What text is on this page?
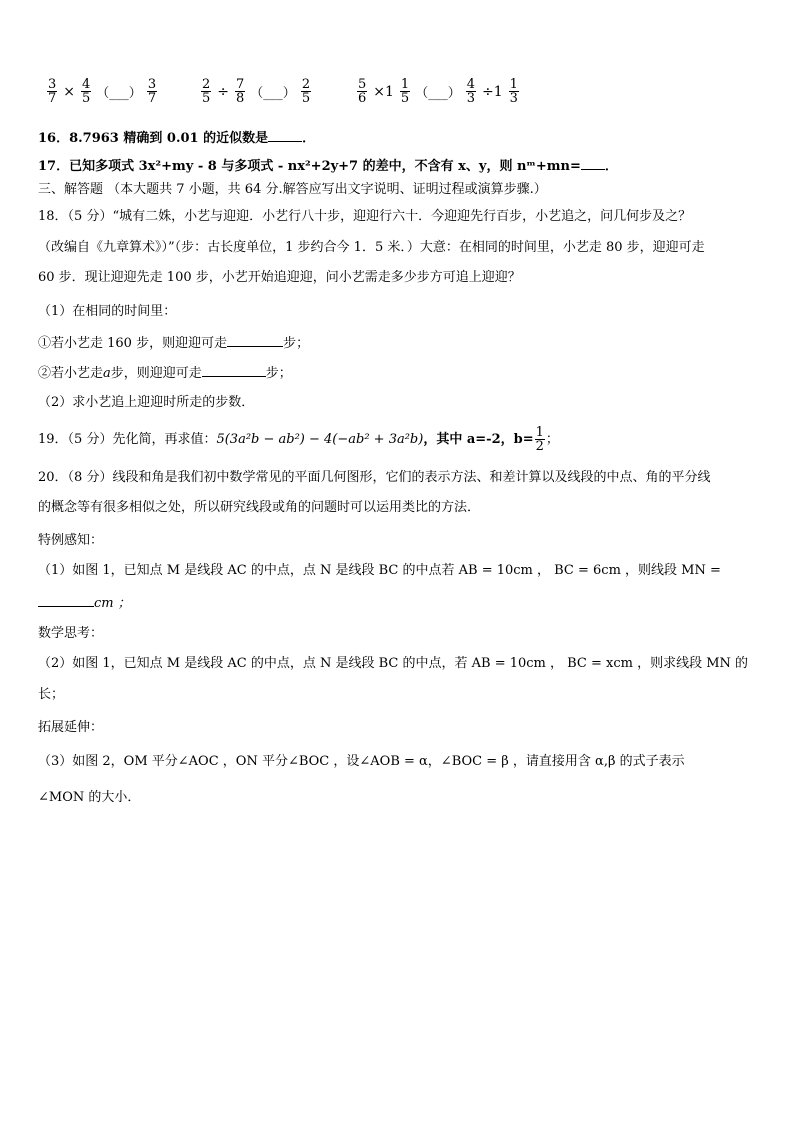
$\frac{3}{7} \times \frac{4}{5}$ （___） $\frac{3}{7}$	$\frac{2}{5} \div \frac{7}{8}$ （___） $\frac{2}{5}$	$\frac{5}{6} \times 1 \frac{1}{5}$ （___） $\frac{4}{3} \div 1 \frac{1}{3}$
16．8.7963 精确到 0.01 的近似数是	．
17．已知多项式 3x²+my - 8 与多项式 - nx²+2y+7 的差中，不含有 x、y，则 nᵐ+mn= ．
三、解答题 （本大题共 7 小题，共 64 分.解答应写出文字说明、证明过程或演算步骤.）
18．（5 分）“城有二姝，小艺与迎迎．小艺行八十步，迎迎行六十．今迎迎先行百步，小艺追之，问几何步及之？
（改编自《九章算术》）”（步：古长度单位，1 步约合今 1．5 米．）大意：在相同的时间里，小艺走 80 步，迎迎可走
60 步．现让迎迎先走 100 步，小艺开始追迎迎，问小艺需走多少步方可追上迎迎？
（1）在相同的时间里：
①若小艺走 160 步，则迎迎可走	步；
②若小艺走a步，则迎迎可走	步；
（2）求小艺追上迎迎时所走的步数．
19．（5 分）先化简，再求值： 5(3a²b − ab²) − 4(−ab² + 3a²b) ，其中 a=-2，$b= \frac{1}{2}$ ；
20．（8 分）线段和角是我们初中数学常见的平面几何图形，它们的表示方法、和差计算以及线段的中点、角的平分线
的概念等有很多相似之处，所以研究线段或角的问题时可以运用类比的方法．
特例感知：
（1）如图 1，已知点 M 是线段 AC 的中点，点 N 是线段 BC 的中点若 AB = 10cm ， BC = 6cm ，则线段 MN =
cm ；
数学思考：
（2）如图 1，已知点 M 是线段 AC 的中点，点 N 是线段 BC 的中点，若 AB = 10cm ， BC = xcm ，则求线段 MN 的
长；
拓展延伸：
（3）如图 2，OM 平分∠AOC ，ON 平分∠BOC ，设∠AOB = α，∠BOC = β ，请直接用含 α,β 的式子表示
∠MON 的大小．
